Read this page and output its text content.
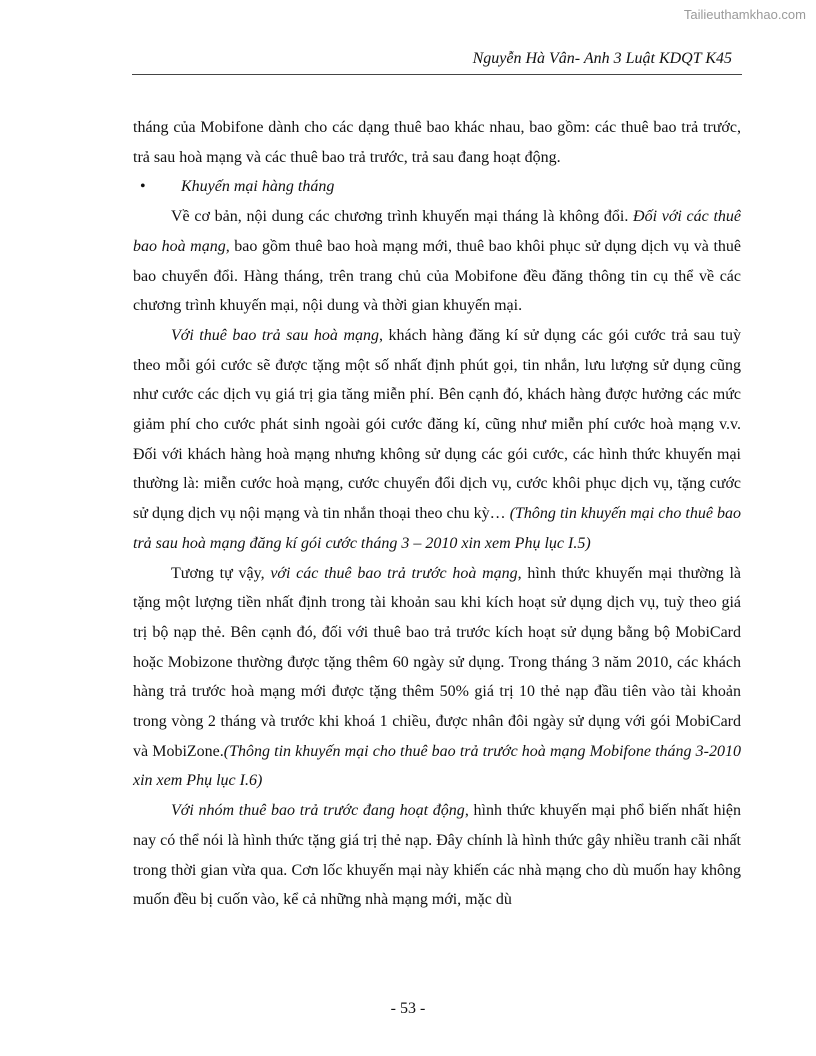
Tailieuthamkhao.com
Nguyễn Hà Vân- Anh 3 Luật KDQT K45

tháng của Mobifone dành cho các dạng thuê bao khác nhau, bao gồm: các thuê bao trả trước, trả sau hoà mạng và các thuê bao trả trước, trả sau đang hoạt động.

• Khuyến mại hàng tháng

Về cơ bản, nội dung các chương trình khuyến mại tháng là không đổi. Đối với các thuê bao hoà mạng, bao gồm thuê bao hoà mạng mới, thuê bao khôi phục sử dụng dịch vụ và thuê bao chuyển đổi. Hàng tháng, trên trang chủ của Mobifone đều đăng thông tin cụ thể về các chương trình khuyến mại, nội dung và thời gian khuyến mại.

Với thuê bao trả sau hoà mạng, khách hàng đăng kí sử dụng các gói cước trả sau tuỳ theo mỗi gói cước sẽ được tặng một số nhất định phút gọi, tin nhắn, lưu lượng sử dụng cũng như cước các dịch vụ giá trị gia tăng miễn phí. Bên cạnh đó, khách hàng được hưởng các mức giảm phí cho cước phát sinh ngoài gói cước đăng kí, cũng như miễn phí cước hoà mạng v.v. Đối với khách hàng hoà mạng nhưng không sử dụng các gói cước, các hình thức khuyến mại thường là: miễn cước hoà mạng, cước chuyển đổi dịch vụ, cước khôi phục dịch vụ, tặng cước sử dụng dịch vụ nội mạng và tin nhắn thoại theo chu kỳ… (Thông tin khuyến mại cho thuê bao trả sau hoà mạng đăng kí gói cước tháng 3 – 2010 xin xem Phụ lục I.5)

Tương tự vậy, với các thuê bao trả trước hoà mạng, hình thức khuyến mại thường là tặng một lượng tiền nhất định trong tài khoản sau khi kích hoạt sử dụng dịch vụ, tuỳ theo giá trị bộ nạp thẻ. Bên cạnh đó, đối với thuê bao trả trước kích hoạt sử dụng bằng bộ MobiCard hoặc Mobizone thường được tặng thêm 60 ngày sử dụng. Trong tháng 3 năm 2010, các khách hàng trả trước hoà mạng mới được tặng thêm 50% giá trị 10 thẻ nạp đầu tiên vào tài khoản trong vòng 2 tháng và trước khi khoá 1 chiều, được nhân đôi ngày sử dụng với gói MobiCard và MobiZone.(Thông tin khuyến mại cho thuê bao trả trước hoà mạng Mobifone tháng 3-2010 xin xem Phụ lục I.6)

Với nhóm thuê bao trả trước đang hoạt động, hình thức khuyến mại phổ biến nhất hiện nay có thể nói là hình thức tặng giá trị thẻ nạp. Đây chính là hình thức gây nhiều tranh cãi nhất trong thời gian vừa qua. Cơn lốc khuyến mại này khiến các nhà mạng cho dù muốn hay không muốn đều bị cuốn vào, kể cả những nhà mạng mới, mặc dù

- 53 -
